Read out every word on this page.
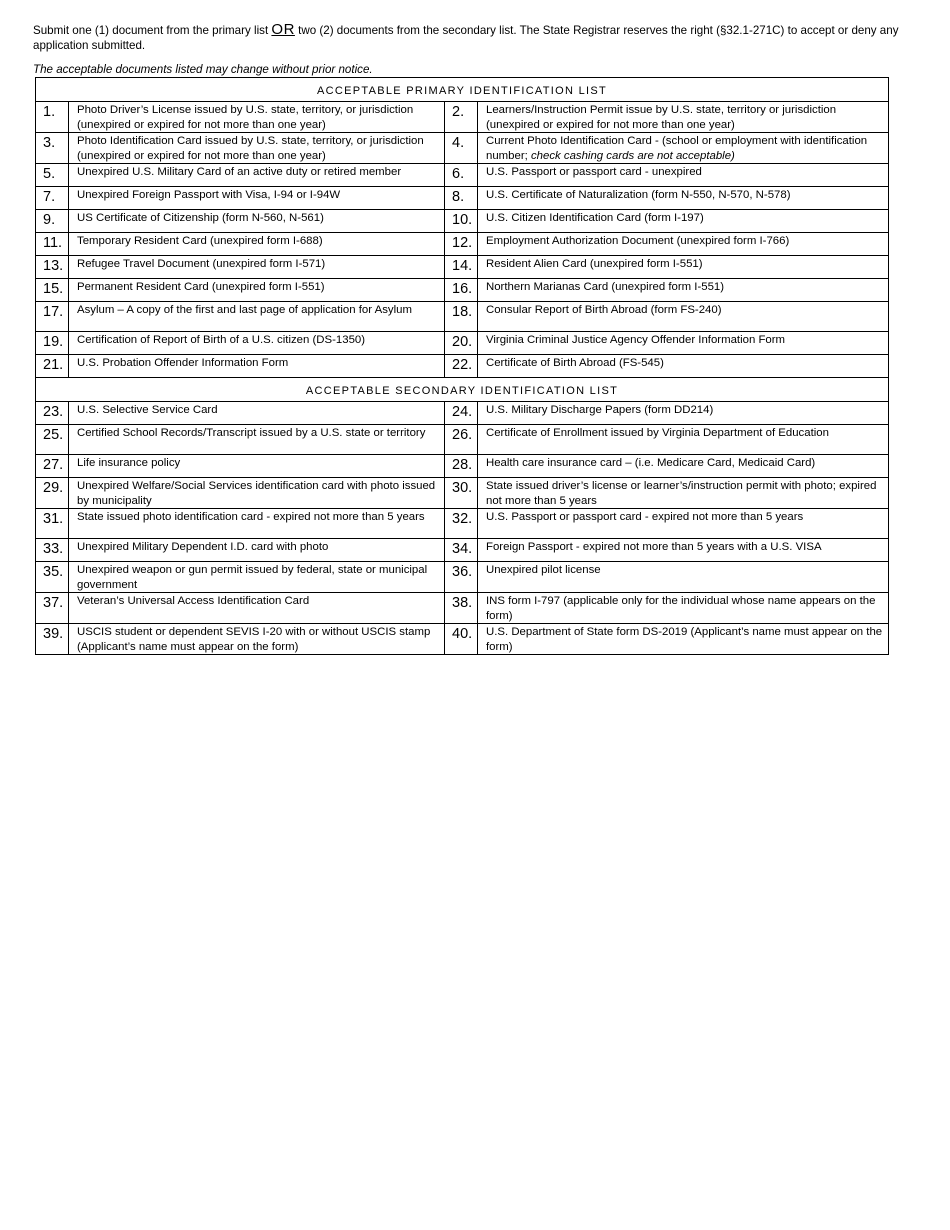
Submit one (1) document from the primary list OR two (2) documents from the secondary list. The State Registrar reserves the right (§32.1-271C) to accept or deny any application submitted.

The acceptable documents listed may change without prior notice.

ACCEPTABLE PRIMARY IDENTIFICATION LIST			
1.	Photo Driver’s License issued by U.S. state, territory, or jurisdiction (unexpired or expired for not more than one year)	2.	Learners/Instruction Permit issue by U.S. state, territory or jurisdiction (unexpired or expired for not more than one year)
3.	Photo Identification Card issued by U.S. state, territory, or jurisdiction (unexpired or expired for not more than one year)	4.	Current Photo Identification Card - (school or employment with identification number; check cashing cards are not acceptable)
5.	Unexpired U.S. Military Card of an active duty or retired member	6.	U.S. Passport or passport card - unexpired
7.	Unexpired Foreign Passport with Visa, I-94 or I-94W	8.	U.S. Certificate of Naturalization (form N-550, N-570, N-578)
9.	US Certificate of Citizenship (form N-560, N-561)	10.	U.S. Citizen Identification Card (form I-197)
11.	Temporary Resident Card (unexpired form I-688)	12.	Employment Authorization Document (unexpired form I-766)
13.	Refugee Travel Document (unexpired form I-571)	14.	Resident Alien Card (unexpired form I-551)
15.	Permanent Resident Card (unexpired form I-551)	16.	Northern Marianas Card (unexpired form I-551)
17.	Asylum – A copy of the first and last page of application for Asylum	18.	Consular Report of Birth Abroad (form FS-240)
19.	Certification of Report of Birth of a U.S. citizen (DS-1350)	20.	Virginia Criminal Justice Agency Offender Information Form
21.	U.S. Probation Offender Information Form	22.	Certificate of Birth Abroad (FS-545)
ACCEPTABLE SECONDARY IDENTIFICATION LIST			
23.	U.S. Selective Service Card	24.	U.S. Military Discharge Papers (form DD214)
25.	Certified School Records/Transcript issued by a U.S. state or territory	26.	Certificate of Enrollment issued by Virginia Department of Education
27.	Life insurance policy	28.	Health care insurance card – (i.e. Medicare Card, Medicaid Card)
29.	Unexpired Welfare/Social Services identification card with photo issued by municipality	30.	State issued driver’s license or learner’s/instruction permit with photo; expired not more than 5 years
31.	State issued photo identification card - expired not more than 5 years	32.	U.S. Passport or passport card - expired not more than 5 years
33.	Unexpired Military Dependent I.D. card with photo	34.	Foreign Passport - expired not more than 5 years with a U.S. VISA
35.	Unexpired weapon or gun permit issued by federal, state or municipal government	36.	Unexpired pilot license
37.	Veteran’s Universal Access Identification Card	38.	INS form I-797 (applicable only for the individual whose name appears on the form)
39.	USCIS student or dependent SEVIS I-20 with or without USCIS stamp (Applicant’s name must appear on the form)	40.	U.S. Department of State form DS-2019 (Applicant’s name must appear on the form)
